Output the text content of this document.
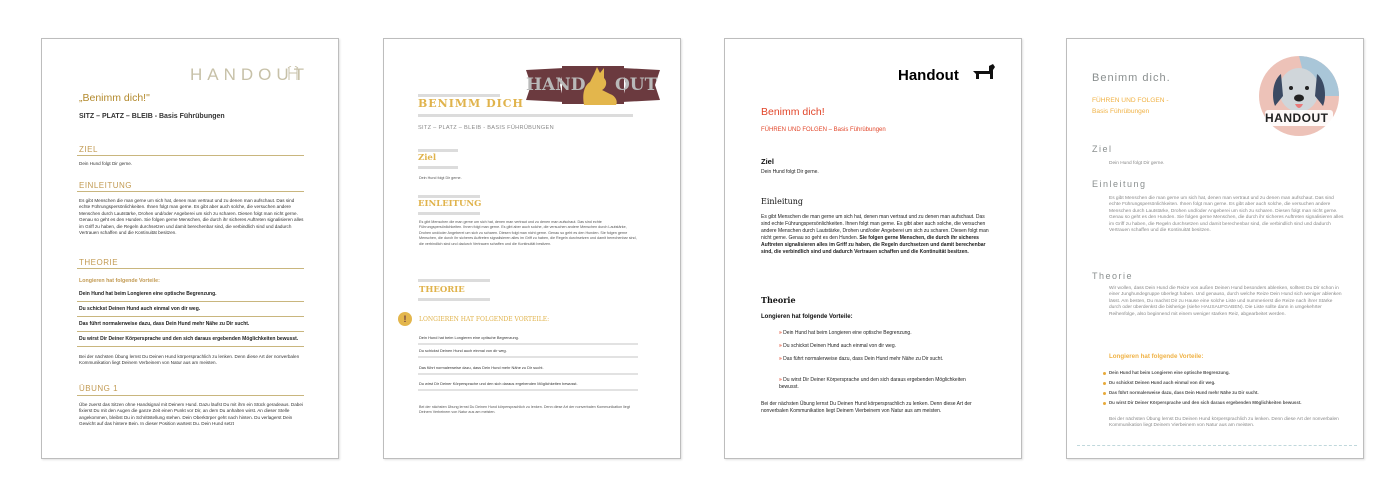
HANDOUT
„Benimm dich!"
SITZ – PLATZ – BLEIB - Basis Führübungen
ZIEL
Dein Hund folgt Dir gerne.
EINLEITUNG
Es gibt Menschen die man gerne um sich hat, denen man vertraut und zu denen man aufschaut. Das sind echte Führungspersönlichkeiten. Ihnen folgt man gerne. Es gibt aber auch solche, die versuchen andere Menschen durch Lautstärke, Drohen und/oder Angeberei um sich zu scharen. Diesen folgt man nicht gerne. Genau so geht es den Hunden. Sie folgen gerne Menschen, die durch ihr sicheres Auftreten signalisieren alles im Griff zu haben, die Regeln durchsetzen und damit berechenbar sind, die verbindlich sind und dadurch Vertrauen schaffen und die Kontinuität besitzen.
THEORIE
Longieren hat folgende Vorteile:
Dein Hund hat beim Longieren eine optische Begrenzung.
Du schickst Deinen Hund auch einmal von dir weg.
Das führt normalerweise dazu, dass Dein Hund mehr Nähe zu Dir sucht.
Du wirst Dir Deiner Körpersprache und den sich daraus ergebenden Möglichkeiten bewusst.
Bei der nächsten Übung lernst Du Deinen Hund körpersprachlich zu lenken. Denn diese Art der nonverbalen Kommunikation liegt Deinem Verbeinem von Natur aus am meisten.
ÜBUNG 1
Übe zuerst das Sitzen ohne Handsignal mit Deinem Hund. Dazu läufst Du mit ihm ein Stück geradeaus. Dabei fixierst Du mit den Augen die ganze Zeit einen Punkt vor Dir, an dem Du anhalten wirst. An dieser Stelle angekommen, bleibst Du in Schrittstellung stehen. Dein Oberkörper geht nach hinten. Du verlagerst Dein Gewicht auf das hintere Bein. In dieser Position wartest Du. Dein Hund setzt
HAND OUT
BENIMM DICH
SITZ – PLATZ – BLEIB - BASIS FÜHRÜBUNGEN
Ziel
Dein Hund folgt Dir gerne.
EINLEITUNG
Es gibt Menschen die man gerne um sich hat, denen man vertraut und zu denen man aufschaut. Das sind echte Führungspersönlichkeiten. Ihnen folgt man gerne. Es gibt aber auch solche, die versuchen andere Menschen durch Lautstärke, Drohen und/oder Angeberei um sich zu scharen. Diesen folgt man nicht gerne. Genau so geht es den Hunden. Sie folgen gerne Menschen, die durch ihr sicheres Auftreten signalisieren alles im Griff zu haben, die Regeln durchsetzen und damit berechenbar sind, die verbindlich sind und dadurch Vertrauen schaffen und die Kontinuität besitzen.
THEORIE
!	LONGIEREN HAT FOLGENDE VORTEILE:
Dein Hund hat beim Longieren eine optische Begrenzung.
Du schickst Deinen Hund auch einmal von dir weg.
Das führt normalerweise dazu, dass Dein Hund mehr Nähe zu Dir sucht.
Du wirst Dir Deiner Körpersprache und den sich daraus ergebenden Möglichkeiten bewusst.
Bei der nächsten Übung lernst Du Deinen Hund körpersprachlich zu lenken. Denn diese Art der nonverbalen Kommunikation liegt Deinem Verbeinem von Natur aus am meisten.
Handout
Benimm dich!
FÜHREN UND FOLGEN – Basis Führübungen
Ziel
Dein Hund folgt Dir gerne.
Einleitung
Es gibt Menschen die man gerne um sich hat, denen man vertraut und zu denen man aufschaut. Das sind echte Führungspersönlichkeiten. Ihnen folgt man gerne. Es gibt aber auch solche, die versuchen andere Menschen durch Lautstärke, Drohen und/oder Angeberei um sich zu scharen. Diesen folgt man nicht gerne. Genau so geht es den Hunden. Sie folgen gerne Menschen, die durch ihr sicheres Auftreten signalisieren alles im Griff zu haben, die Regeln durchsetzen und damit berechenbar sind, die verbindlich sind und dadurch Vertrauen schaffen und die Kontinuität besitzen.
Theorie
Longieren hat folgende Vorteile:
» Dein Hund hat beim Longieren eine optische Begrenzung.
» Du schickst Deinen Hund auch einmal von dir weg.
» Das führt normalerweise dazu, dass Dein Hund mehr Nähe zu Dir sucht.
» Du wirst Dir Deiner Körpersprache und den sich daraus ergebenden Möglichkeiten bewusst.
Bei der nächsten Übung lernst Du Deinen Hund körpersprachlich zu lenken. Denn diese Art der nonverbalen Kommunikation liegt Deinem Vierbeinem von Natur aus am meisten.
HANDOUT
Benimm dich.
FÜHREN UND FOLGEN -
Basis Führübungen
Ziel
Dein Hund folgt Dir gerne.
Einleitung
Es gibt Menschen die man gerne um sich hat, denen man vertraut und zu denen man aufschaut. Das sind echte Führungspersönlichkeiten. Ihnen folgt man gerne. Es gibt aber auch solche, die versuchen andere Menschen durch Lautstärke, Drohen und/oder Angeberei um sich zu scharen. Diesen folgt man nicht gerne. Genau so geht es den Hunden. Sie folgen gerne Menschen, die durch ihr sicheres Auftreten signalisieren alles im Griff zu haben, die Regeln durchsetzen und damit berechenbar sind, die verbindlich sind und dadurch Vertrauen schaffen und die Kontinuität besitzen.
Theorie
Wir wollen, dass Dein Hund die Reize von außen Deinen Hund besonders ablenken, solltest Du Dir schon in einer Junghundegruppe überlegt haben. Und genauso, durch welche Reize Dein Hund sich weniger ablenken lässt. Am besten, Du machst Dir zu Hause eine solche Liste und nummerierst die Reize nach ihrer Stärke durch oder überdenkst die bisherige (siehe HAUSAUFGABEN). Die Liste sollte dann in umgekehrter Reihenfolge, also beginnend mit einem weniger starken Reiz, abgearbeitet werden.
Longieren hat folgende Vorteile:
Dein Hund hat beim Longieren eine optische Begrenzung.
Du schickst Deinen Hund auch einmal von dir weg.
Das führt normalerweise dazu, dass Dein Hund mehr Nähe zu Dir sucht.
Du wirst Dir Deiner Körpersprache und den sich daraus ergebenden Möglichkeiten bewusst.
Bei der nächsten Übung lernst Du Deinen Hund körpersprachlich zu lenken. Denn diese Art der nonverbalen Kommunikation liegt Deinem Vierbeinem von Natur aus am meisten.
